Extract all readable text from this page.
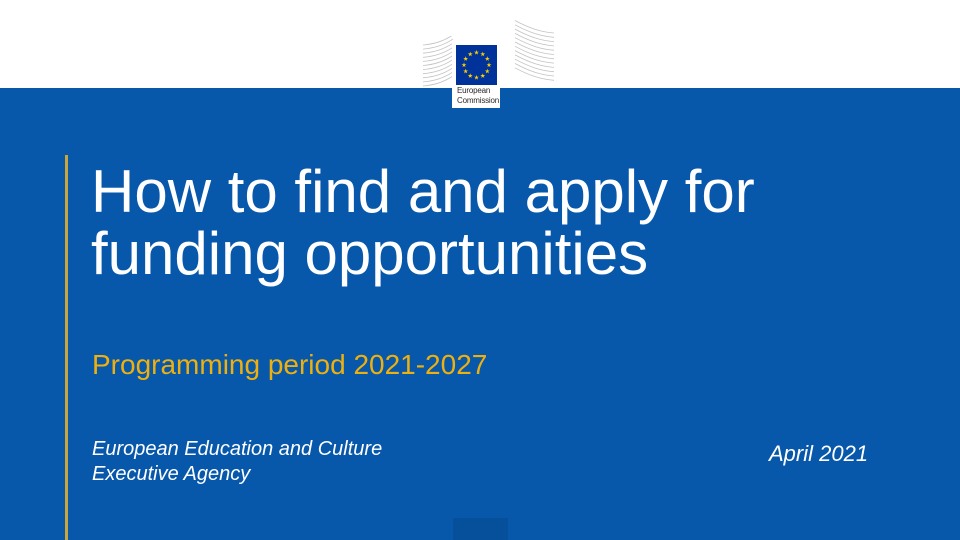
European
Commission
How to find and apply for
funding opportunities
Programming period 2021-2027
European Education and Culture
Executive Agency
April 2021
